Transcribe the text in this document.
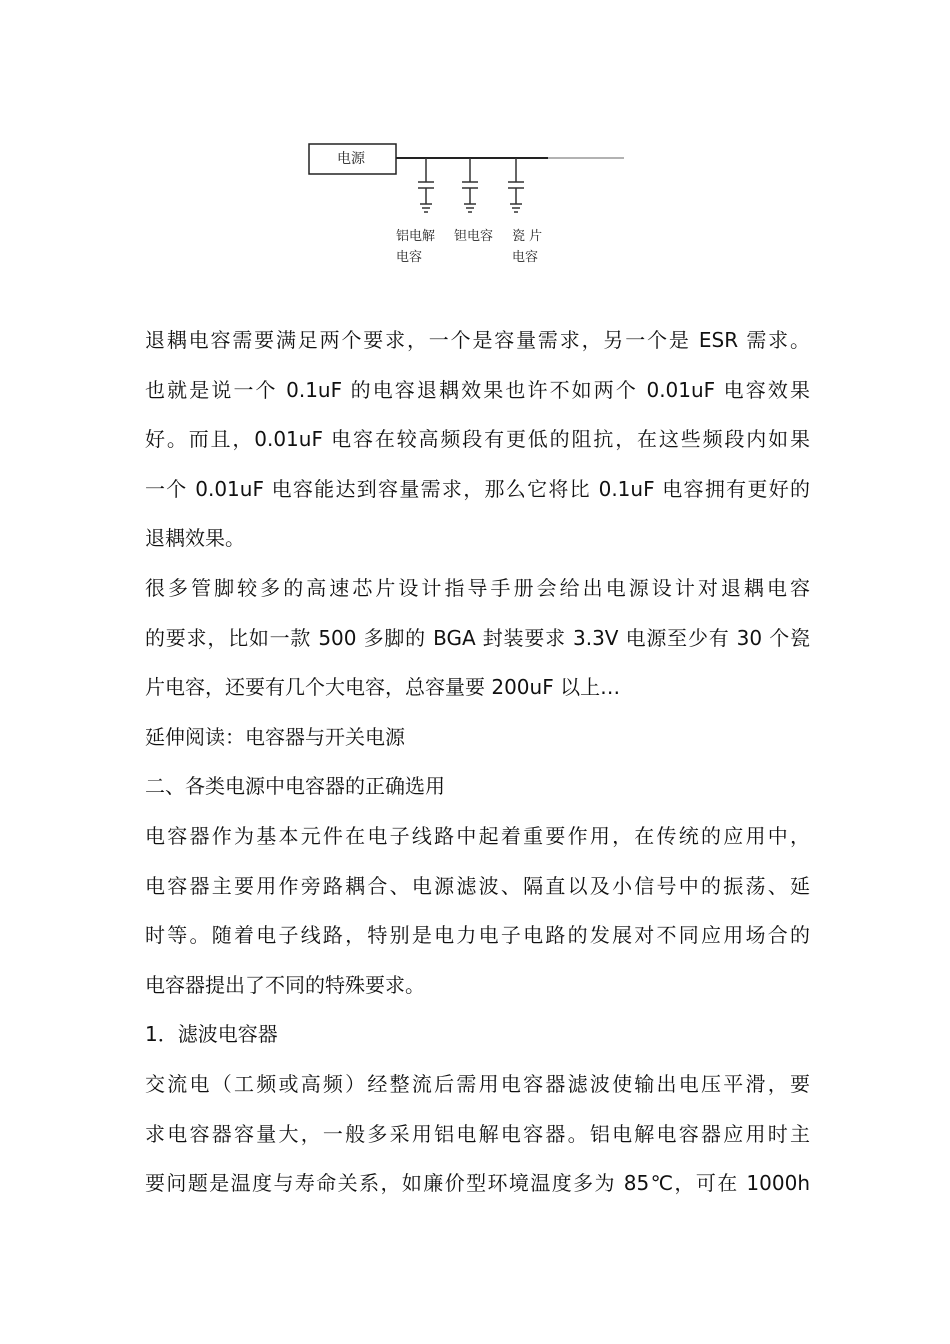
电源
铝电解
电容
钽电容 瓷 片
电容
退耦电容需要满足两个要求，一个是容量需求，另一个是 ESR 需求。
也就是说一个 0.1uF 的电容退耦效果也许不如两个 0.01uF 电容效果
好。而且，0.01uF 电容在较高频段有更低的阻抗，在这些频段内如果
一个 0.01uF 电容能达到容量需求，那么它将比 0.1uF 电容拥有更好的
退耦效果。
很多管脚较多的高速芯片设计指导手册会给出电源设计对退耦电容
的要求，比如一款 500 多脚的 BGA 封装要求 3.3V 电源至少有 30 个瓷
片电容，还要有几个大电容，总容量要 200uF 以上…
延伸阅读：电容器与开关电源
二、各类电源中电容器的正确选用
电容器作为基本元件在电子线路中起着重要作用，在传统的应用中，
电容器主要用作旁路耦合、电源滤波、隔直以及小信号中的振荡、延
时等。随着电子线路，特别是电力电子电路的发展对不同应用场合的
电容器提出了不同的特殊要求。
1．滤波电容器
交流电（工频或高频）经整流后需用电容器滤波使输出电压平滑，要
求电容器容量大，一般多采用铝电解电容器。铝电解电容器应用时主
要问题是温度与寿命关系，如廉价型环境温度多为 85℃，可在 1000h
